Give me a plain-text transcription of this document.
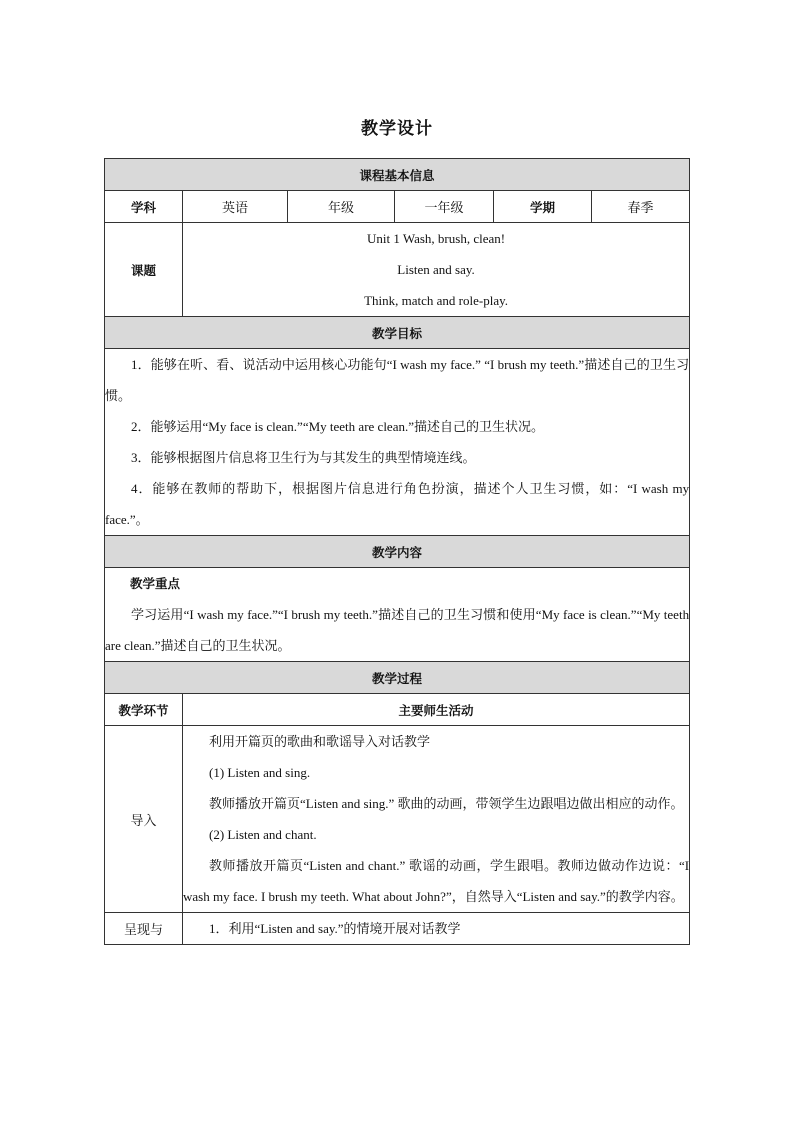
教学设计
课程基本信息					
学科	英语	年级	一年级	学期	春季
课题	Unit 1 Wash, brush, clean!
Listen and say.
Think, match and role-play.				

教学目标					

1．能够在听、看、说活动中运用核心功能句“I wash my face.” “I brush my teeth.”描述自己的卫生习惯。

2．能够运用“My face is clean.”“My teeth are clean.”描述自己的卫生状况。

3．能够根据图片信息将卫生行为与其发生的典型情境连线。

4．能够在教师的帮助下，根据图片信息进行角色扮演，描述个人卫生习惯，如：“I wash my face.”。					

教学内容					

教学重点

学习运用“I wash my face.”“I brush my teeth.”描述自己的卫生习惯和使用“My face is clean.”“My teeth are clean.”描述自己的卫生状况。					

教学过程					
教学环节	主要师生活动				
导入	利用开篇页的歌曲和歌谣导入对话教学

(1) Listen and sing.

教师播放开篇页“Listen and sing.” 歌曲的动画，带领学生边跟唱边做出相应的动作。

(2) Listen and chant.

教师播放开篇页“Listen and chant.” 歌谣的动画，学生跟唱。教师边做动作边说：“I wash my face. I brush my teeth. What about John?”，自然导入“Listen and say.”的教学内容。				

呈现与	1．利用“Listen and say.”的情境开展对话教学				
